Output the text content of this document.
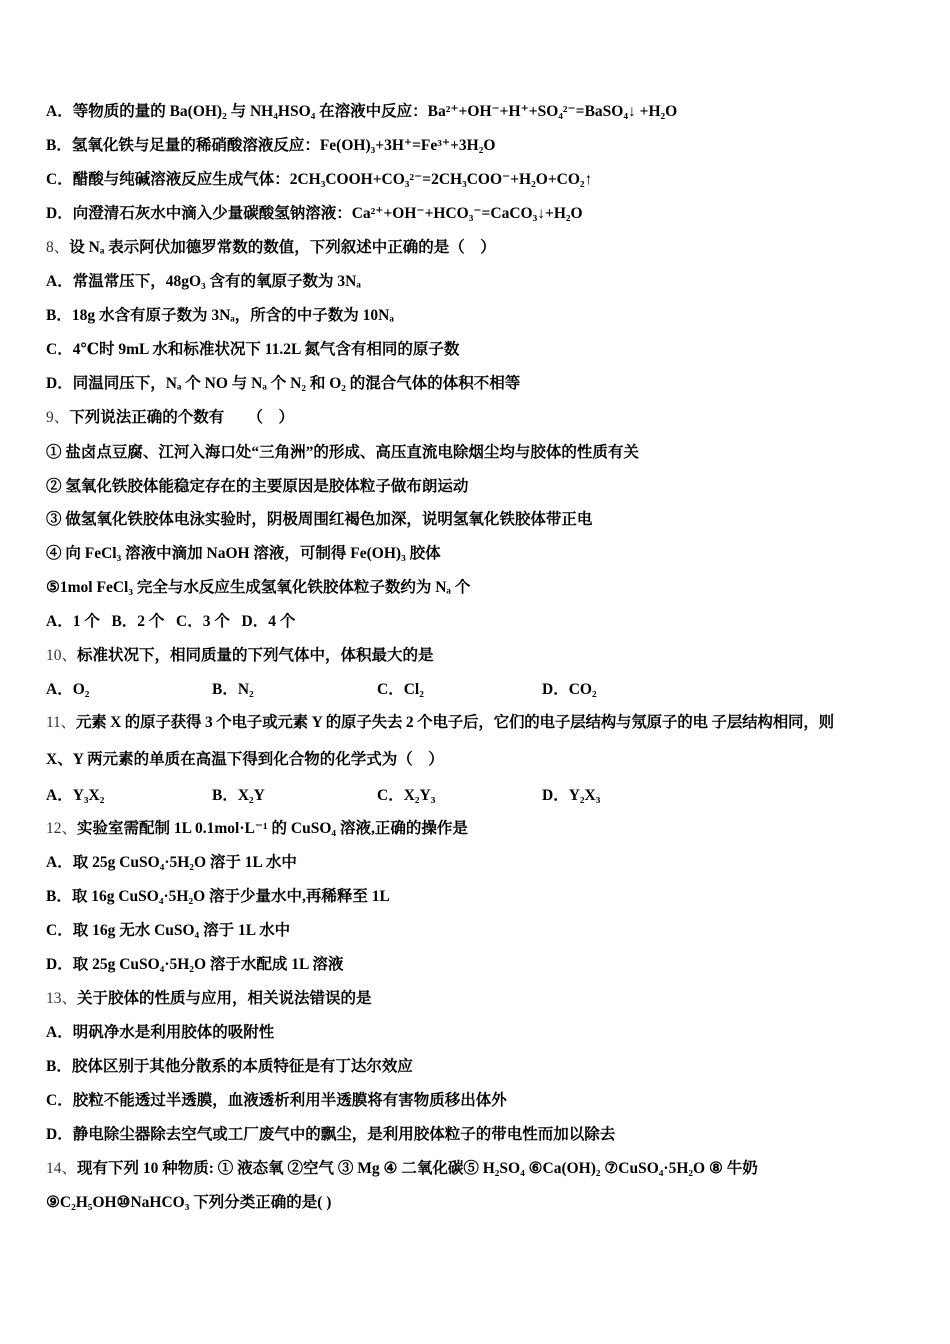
A．等物质的量的 Ba(OH)₂ 与 NH₄HSO₄ 在溶液中反应：Ba²⁺+OH⁻+H⁺+SO₄²⁻=BaSO₄↓ +H₂O
B．氢氧化铁与足量的稀硝酸溶液反应：Fe(OH)₃+3H⁺=Fe³⁺+3H₂O
C．醋酸与纯碱溶液反应生成气体：2CH₃COOH+CO₃²⁻=2CH₃COO⁻+H₂O+CO₂↑
D．向澄清石灰水中滴入少量碳酸氢钠溶液：Ca²⁺+OH⁻+HCO₃⁻=CaCO₃↓+H₂O
8、设 Nₐ 表示阿伏加德罗常数的数值，下列叙述中正确的是（　）
A．常温常压下，48gO₃ 含有的氧原子数为 3Nₐ
B．18g 水含有原子数为 3Nₐ，所含的中子数为 10Nₐ
C．4℃时 9mL 水和标准状况下 11.2L 氮气含有相同的原子数
D．同温同压下，Nₐ 个 NO 与 Nₐ 个 N₂ 和 O₂ 的混合气体的体积不相等
9、下列说法正确的个数有　　（　）
① 盐卤点豆腐、江河入海口处“三角洲”的形成、高压直流电除烟尘均与胶体的性质有关
② 氢氧化铁胶体能稳定存在的主要原因是胶体粒子做布朗运动
③ 做氢氧化铁胶体电泳实验时，阴极周围红褐色加深，说明氢氧化铁胶体带正电
④ 向 FeCl₃ 溶液中滴加 NaOH 溶液，可制得 Fe(OH)₃ 胶体
⑤1mol FeCl₃ 完全与水反应生成氢氧化铁胶体粒子数约为 Nₐ 个
A．1 个 B．2 个 C．3 个 D．4 个
10、标准状况下，相同质量的下列气体中，体积最大的是
A．O₂	B．N₂	C．Cl₂	D．CO₂
11、元素 X 的原子获得 3 个电子或元素 Y 的原子失去 2 个电子后，它们的电子层结构与氖原子的电 子层结构相同，则
X、Y 两元素的单质在高温下得到化合物的化学式为（　）
A．Y₃X₂	B．X₂Y	C．X₂Y₃	D．Y₂X₃
12、实验室需配制 1L 0.1mol·L⁻¹ 的 CuSO₄ 溶液,正确的操作是
A．取 25g CuSO₄·5H₂O 溶于 1L 水中
B．取 16g CuSO₄·5H₂O 溶于少量水中,再稀释至 1L
C．取 16g 无水 CuSO₄ 溶于 1L 水中
D．取 25g CuSO₄·5H₂O 溶于水配成 1L 溶液
13、关于胶体的性质与应用，相关说法错误的是
A．明矾净水是利用胶体的吸附性
B．胶体区别于其他分散系的本质特征是有丁达尔效应
C．胶粒不能透过半透膜，血液透析利用半透膜将有害物质移出体外
D．静电除尘器除去空气或工厂废气中的飘尘，是利用胶体粒子的带电性而加以除去
14、现有下列 10 种物质: ① 液态氧 ②空气 ③ Mg ④ 二氧化碳⑤ H₂SO₄ ⑥Ca(OH)₂ ⑦CuSO₄·5H₂O ⑧ 牛奶
⑨C₂H₅OH⑩NaHCO₃ 下列分类正确的是( )
